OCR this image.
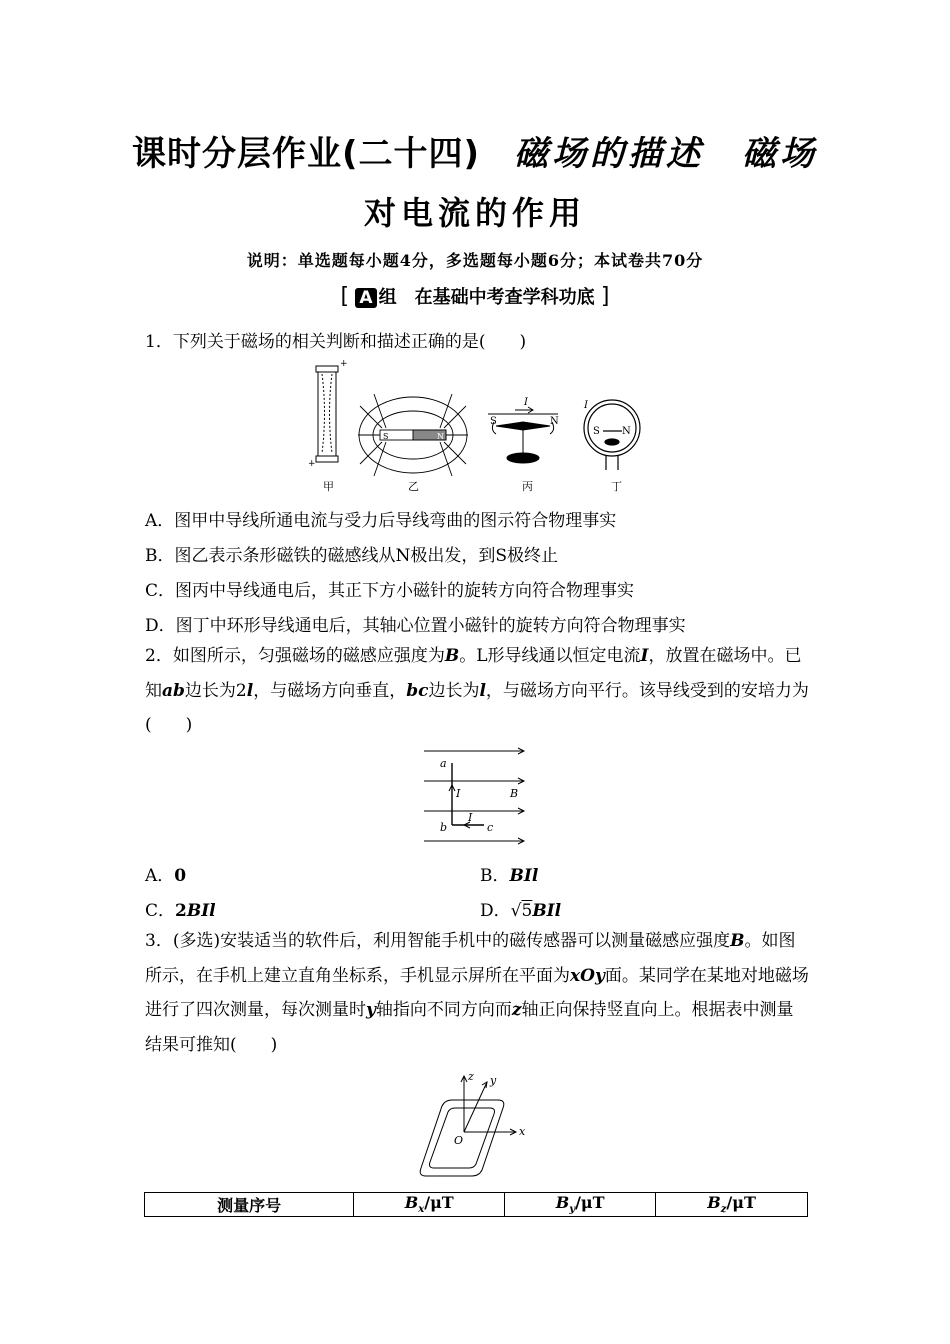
课时分层作业(二十四) 磁场的描述　磁场
对电流的作用
说明：单选题每小题4分，多选题每小题6分；本试卷共70分
[ A 组　在基础中考查学科功底 ]
1．下列关于磁场的相关判断和描述正确的是(　　)
+
+
S	N
I
S	N
I
S N
甲	乙	丙	丁
A．图甲中导线所通电流与受力后导线弯曲的图示符合物理事实
B．图乙表示条形磁铁的磁感线从N极出发，到S极终止
C．图丙中导线通电后，其正下方小磁针的旋转方向符合物理事实
D．图丁中环形导线通电后，其轴心位置小磁针的旋转方向符合物理事实
2．如图所示，匀强磁场的磁感应强度为B。L形导线通以恒定电流I，放置在磁场中。已知ab边长为2l，与磁场方向垂直，bc边长为l，与磁场方向平行。该导线受到的安培力为(　　)
a
I	B
b
I
c
A．0	B．BIl
C．2BIl	D．√5BIl
3．(多选)安装适当的软件后，利用智能手机中的磁传感器可以测量磁感应强度B。如图所示，在手机上建立直角坐标系，手机显示屏所在平面为xOy面。某同学在某地对地磁场进行了四次测量，每次测量时y轴指向不同方向而z轴正向保持竖直向上。根据表中测量结果可推知(　　)
z y
x
O
测量序号	$B_x/\mu T$	$B_y/\mu T$	$B_z/\mu T$
